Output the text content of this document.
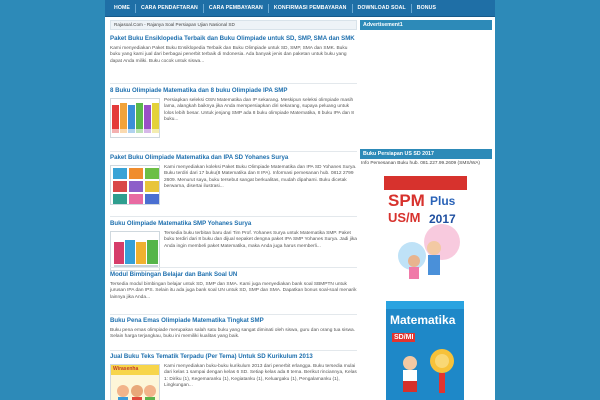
HOME	CARA PENDAFTARAN	CARA PEMBAYARAN	KONFIRMASI PEMBAYARAN	DOWNLOAD SOAL	BONUS
Rajasoal.Com - Rajanya Soal Persiapan Ujian Nasional SD
Paket Buku Ensiklopedia Terbaik dan Buku Olimpiade untuk SD, SMP, SMA dan SMK
Kami menyediakan Paket Buku Ensiklopedia Terbaik dan Buku Olimpiade untuk SD, SMP, SMA dan SMK. Buku buku yang kami jual dari berbagai penerbit terbaik di Indonesia. Ada banyak jenis dan paketan untuk buku yang dapat Anda miliki. Buku cocok untuk siswa...
8 Buku Olimpiade Matematika dan 8 buku Olimpiade IPA SMP
Persiapkan seleksi OSN Matematika dan IP sekarang. Meskipun seleksi olimpiade masih lama, alangkah baiknya jika Anda mempersiapkan diri sekarang, supaya peluang untuk lolos lebih besar. Untuk jenjang SMP ada 8 buku olimpiade Matematika, 8 buku IPA dan 8 buku...
Paket Buku Olimpiade Matematika dan IPA SD Yohanes Surya
Kami menyediakan koleksi Paket Buku Olimpiade Matematika dan IPA SD Yohanes Surya. Buku terdiri dari 17 buku(8 Matematika dan 8 IPA). Informasi pemesanan hub. 0812 2799 2609. Menurut saya, buku tersebut sangat berkualitas, mudah dipahami. Buku dicetak berwarna, disertai ilustrasi...
Buku Olimpiade Matematika SMP Yohanes Surya
Tersedia buku terbitan baru dari Tim Prof. Yohanes Surya untuk Matematika SMP. Paket buku terdiri dari 8 buku dan dijual sepaket dengna paket IPA SMP Yohanes Surya. Jadi jika Anda ingin membeli paket Matematika, maka Anda juga harus memberli...
Modul Bimbingan Belajar dan Bank Soal UN
Tersedia modul bimbingan belajar untuk SD, SMP dan SMA. Kami juga menyediakan bank soal SBMPTN untuk jurusan IPA dan IPS. Selain itu ada juga bank soal UN untuk SD, SMP dan SMA. Dapatkan bonus soal-soal menarik lainnya jika Anda...
Buku Pena Emas Olimpiade Matematika Tingkat SMP
Buku pena emas olimpiade merupakan salah satu buku yang sangat diminati oleh siswa, guru dan orang tua siswa. Selain harga terjangkau, buku ini memiliki kualitas yang baik.
Jual Buku Teks Tematik Terpadu (Per Tema) Untuk SD Kurikulum 2013
Wirasenha	Kami menyediakan buku-buku kurikulum 2013 dari penerbit erlangga. Buku tersedia mulai dari kelas 1 sampai dengan kelas 6 SD. Setiap kelas ada 8 tema. Berikut rinciannya, Kelas 1: Diriku (1), Kegemaranku (1), Kegiatanku (1), Keluargaku (1), Pengalamanku (1), Lingkungan...
Advertisement1
Buku Persiapan US SD 2017
Info Pemesanan Buku hub. 081.227.99.2609 (SMS/WA)
SPM Plus
US/M 2017
Matematika
SD/MI
